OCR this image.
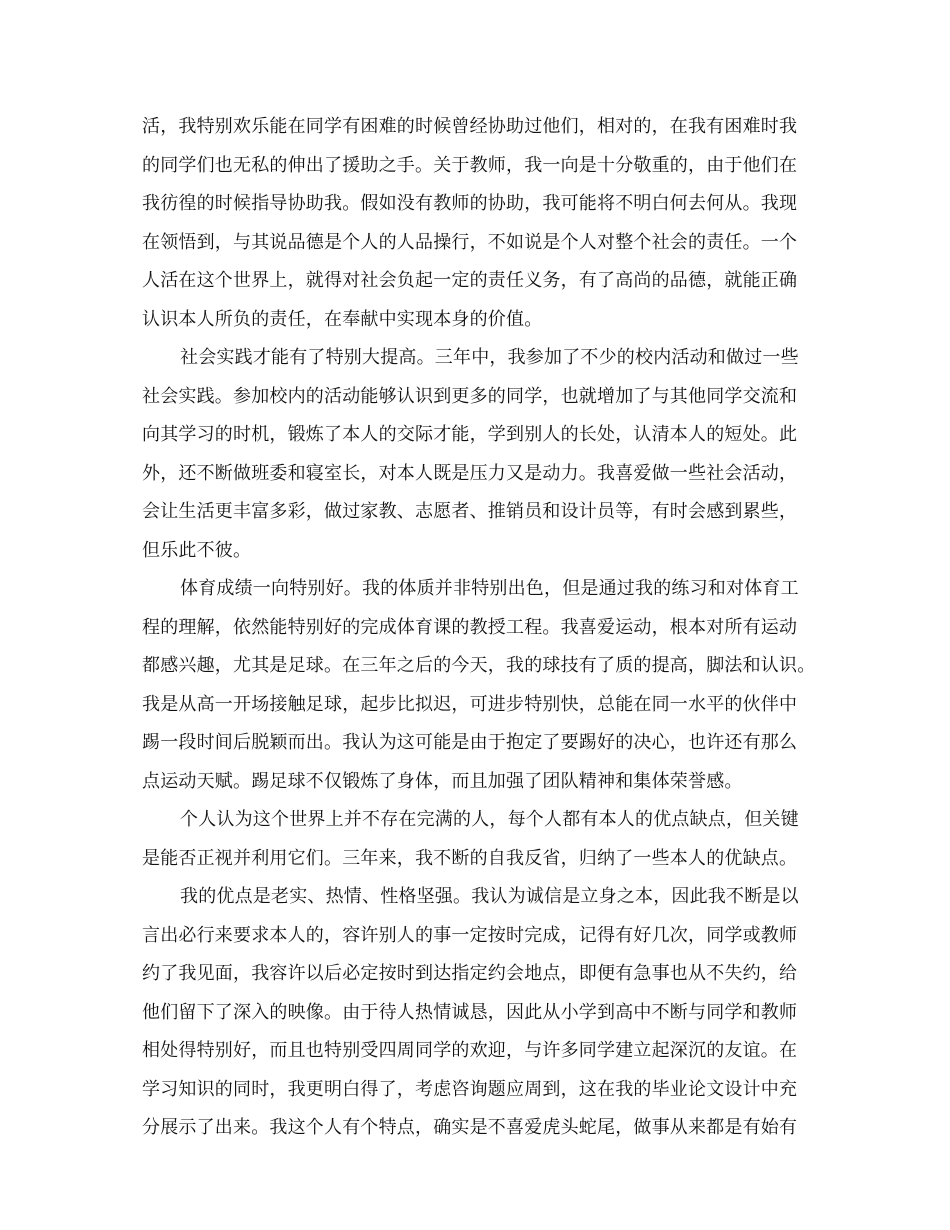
活，我特别欢乐能在同学有困难的时候曾经协助过他们，相对的，在我有困难时我
的同学们也无私的伸出了援助之手。关于教师，我一向是十分敬重的，由于他们在
我彷徨的时候指导协助我。假如没有教师的协助，我可能将不明白何去何从。我现
在领悟到，与其说品德是个人的人品操行，不如说是个人对整个社会的责任。一个
人活在这个世界上，就得对社会负起一定的责任义务，有了高尚的品德，就能正确
认识本人所负的责任，在奉献中实现本身的价值。
社会实践才能有了特别大提高。三年中，我参加了不少的校内活动和做过一些
社会实践。参加校内的活动能够认识到更多的同学，也就增加了与其他同学交流和
向其学习的时机，锻炼了本人的交际才能，学到别人的长处，认清本人的短处。此
外，还不断做班委和寝室长，对本人既是压力又是动力。我喜爱做一些社会活动，
会让生活更丰富多彩，做过家教、志愿者、推销员和设计员等，有时会感到累些，
但乐此不彼。
体育成绩一向特别好。我的体质并非特别出色，但是通过我的练习和对体育工
程的理解，依然能特别好的完成体育课的教授工程。我喜爱运动，根本对所有运动
都感兴趣，尤其是足球。在三年之后的今天，我的球技有了质的提高，脚法和认识。
我是从高一开场接触足球，起步比拟迟，可进步特别快，总能在同一水平的伙伴中
踢一段时间后脱颖而出。我认为这可能是由于抱定了要踢好的决心，也许还有那么
点运动天赋。踢足球不仅锻炼了身体，而且加强了团队精神和集体荣誉感。
个人认为这个世界上并不存在完满的人，每个人都有本人的优点缺点，但关键
是能否正视并利用它们。三年来，我不断的自我反省，归纳了一些本人的优缺点。
我的优点是老实、热情、性格坚强。我认为诚信是立身之本，因此我不断是以
言出必行来要求本人的，容许别人的事一定按时完成，记得有好几次，同学或教师
约了我见面，我容许以后必定按时到达指定约会地点，即便有急事也从不失约，给
他们留下了深入的映像。由于待人热情诚恳，因此从小学到高中不断与同学和教师
相处得特别好，而且也特别受四周同学的欢迎，与许多同学建立起深沉的友谊。在
学习知识的同时，我更明白得了，考虑咨询题应周到，这在我的毕业论文设计中充
分展示了出来。我这个人有个特点，确实是不喜爱虎头蛇尾，做事从来都是有始有
